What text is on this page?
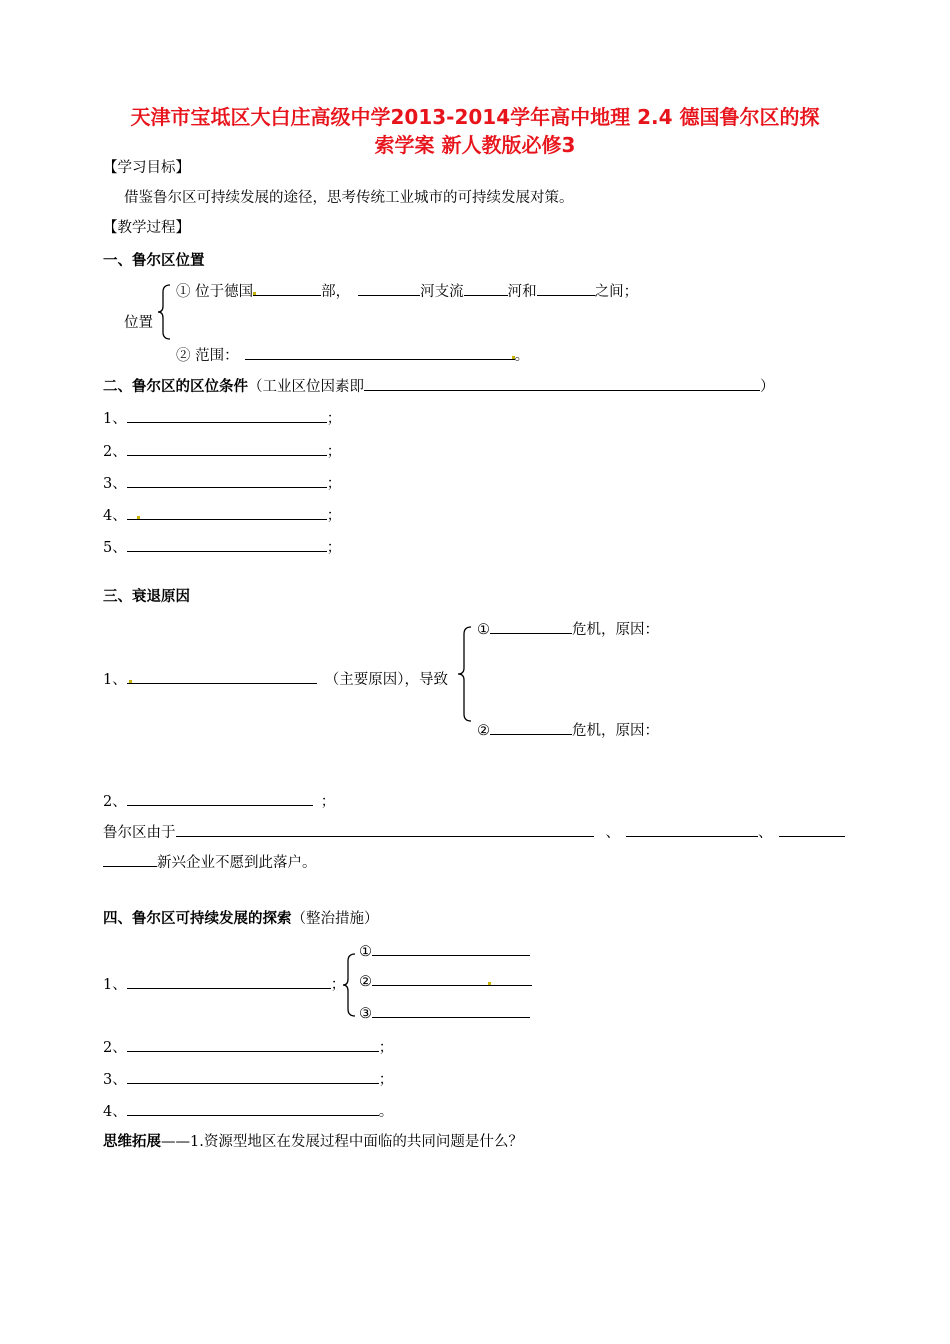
天津市宝坻区大白庄高级中学2013-2014学年高中地理 2.4 德国鲁尔区的探
索学案 新人教版必修3
【学习目标】
借鉴鲁尔区可持续发展的途径，思考传统工业城市的可持续发展对策。
【教学过程】
一、鲁尔区位置
位置
① 位于德国	部，	河支流	河和	之间；
② 范围：	。
二、鲁尔区的区位条件（工业区位因素即	）
1、	；
2、	；
3、	；
4、	；
5、	；
三、衰退原因
1、	（主要原因），导致
①	危机，原因：
②	危机，原因：
2、	；
鲁尔区由于	、	、
新兴企业不愿到此落户。
四、鲁尔区可持续发展的探索（整治措施）
1、	；
①
②
③
2、	；
3、	；
4、	。
思维拓展——1.资源型地区在发展过程中面临的共同问题是什么？
